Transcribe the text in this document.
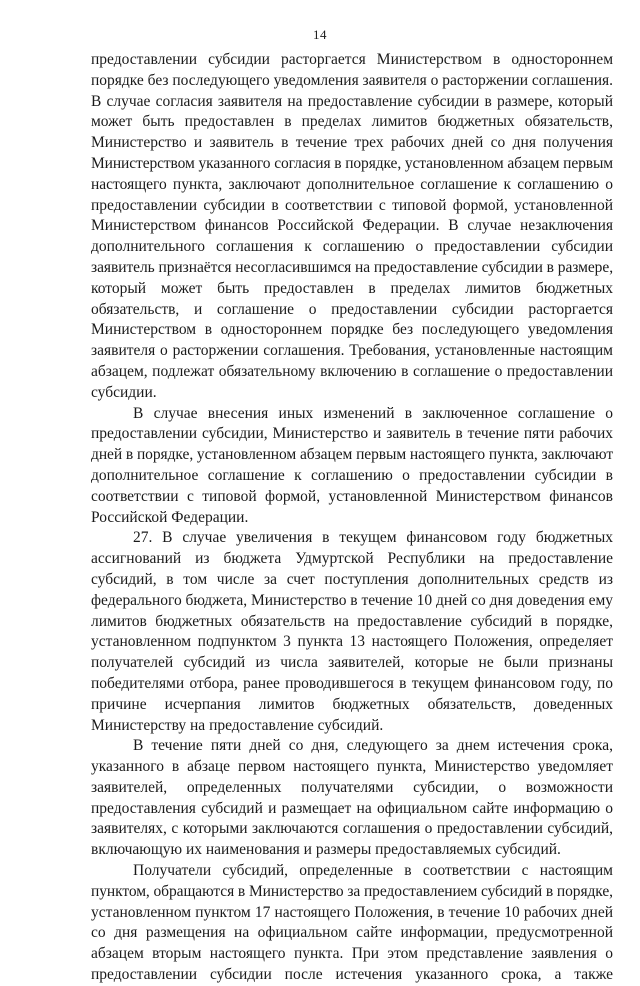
14
предоставлении субсидии расторгается Министерством в одностороннем
порядке без последующего уведомления заявителя о расторжении соглашения.
В случае согласия заявителя на предоставление субсидии в размере, который
может быть предоставлен в пределах лимитов бюджетных обязательств,
Министерство и заявитель в течение трех рабочих дней со дня получения
Министерством указанного согласия в порядке, установленном абзацем первым
настоящего пункта, заключают дополнительное соглашение к соглашению о
предоставлении субсидии в соответствии с типовой формой, установленной
Министерством финансов Российской Федерации. В случае незаключения
дополнительного соглашения к соглашению о предоставлении субсидии
заявитель признаётся несогласившимся на предоставление субсидии в размере,
который может быть предоставлен в пределах лимитов бюджетных
обязательств, и соглашение о предоставлении субсидии расторгается
Министерством в одностороннем порядке без последующего уведомления
заявителя о расторжении соглашения. Требования, установленные настоящим
абзацем, подлежат обязательному включению в соглашение о предоставлении
субсидии.
В случае внесения иных изменений в заключенное соглашение о
предоставлении субсидии, Министерство и заявитель в течение пяти рабочих
дней в порядке, установленном абзацем первым настоящего пункта, заключают
дополнительное соглашение к соглашению о предоставлении субсидии в
соответствии с типовой формой, установленной Министерством финансов
Российской Федерации.
27. В случае увеличения в текущем финансовом году бюджетных
ассигнований из бюджета Удмуртской Республики на предоставление
субсидий, в том числе за счет поступления дополнительных средств из
федерального бюджета, Министерство в течение 10 дней со дня доведения ему
лимитов бюджетных обязательств на предоставление субсидий в порядке,
установленном подпунктом 3 пункта 13 настоящего Положения, определяет
получателей субсидий из числа заявителей, которые не были признаны
победителями отбора, ранее проводившегося в текущем финансовом году, по
причине исчерпания лимитов бюджетных обязательств, доведенных
Министерству на предоставление субсидий.
В течение пяти дней со дня, следующего за днем истечения срока,
указанного в абзаце первом настоящего пункта, Министерство уведомляет
заявителей, определенных получателями субсидии, о возможности
предоставления субсидий и размещает на официальном сайте информацию о
заявителях, с которыми заключаются соглашения о предоставлении субсидий,
включающую их наименования и размеры предоставляемых субсидий.
Получатели субсидий, определенные в соответствии с настоящим
пунктом, обращаются в Министерство за предоставлением субсидий в порядке,
установленном пунктом 17 настоящего Положения, в течение 10 рабочих дней
со дня размещения на официальном сайте информации, предусмотренной
абзацем вторым настоящего пункта. При этом представление заявления о
предоставлении субсидии после истечения указанного срока, а также
